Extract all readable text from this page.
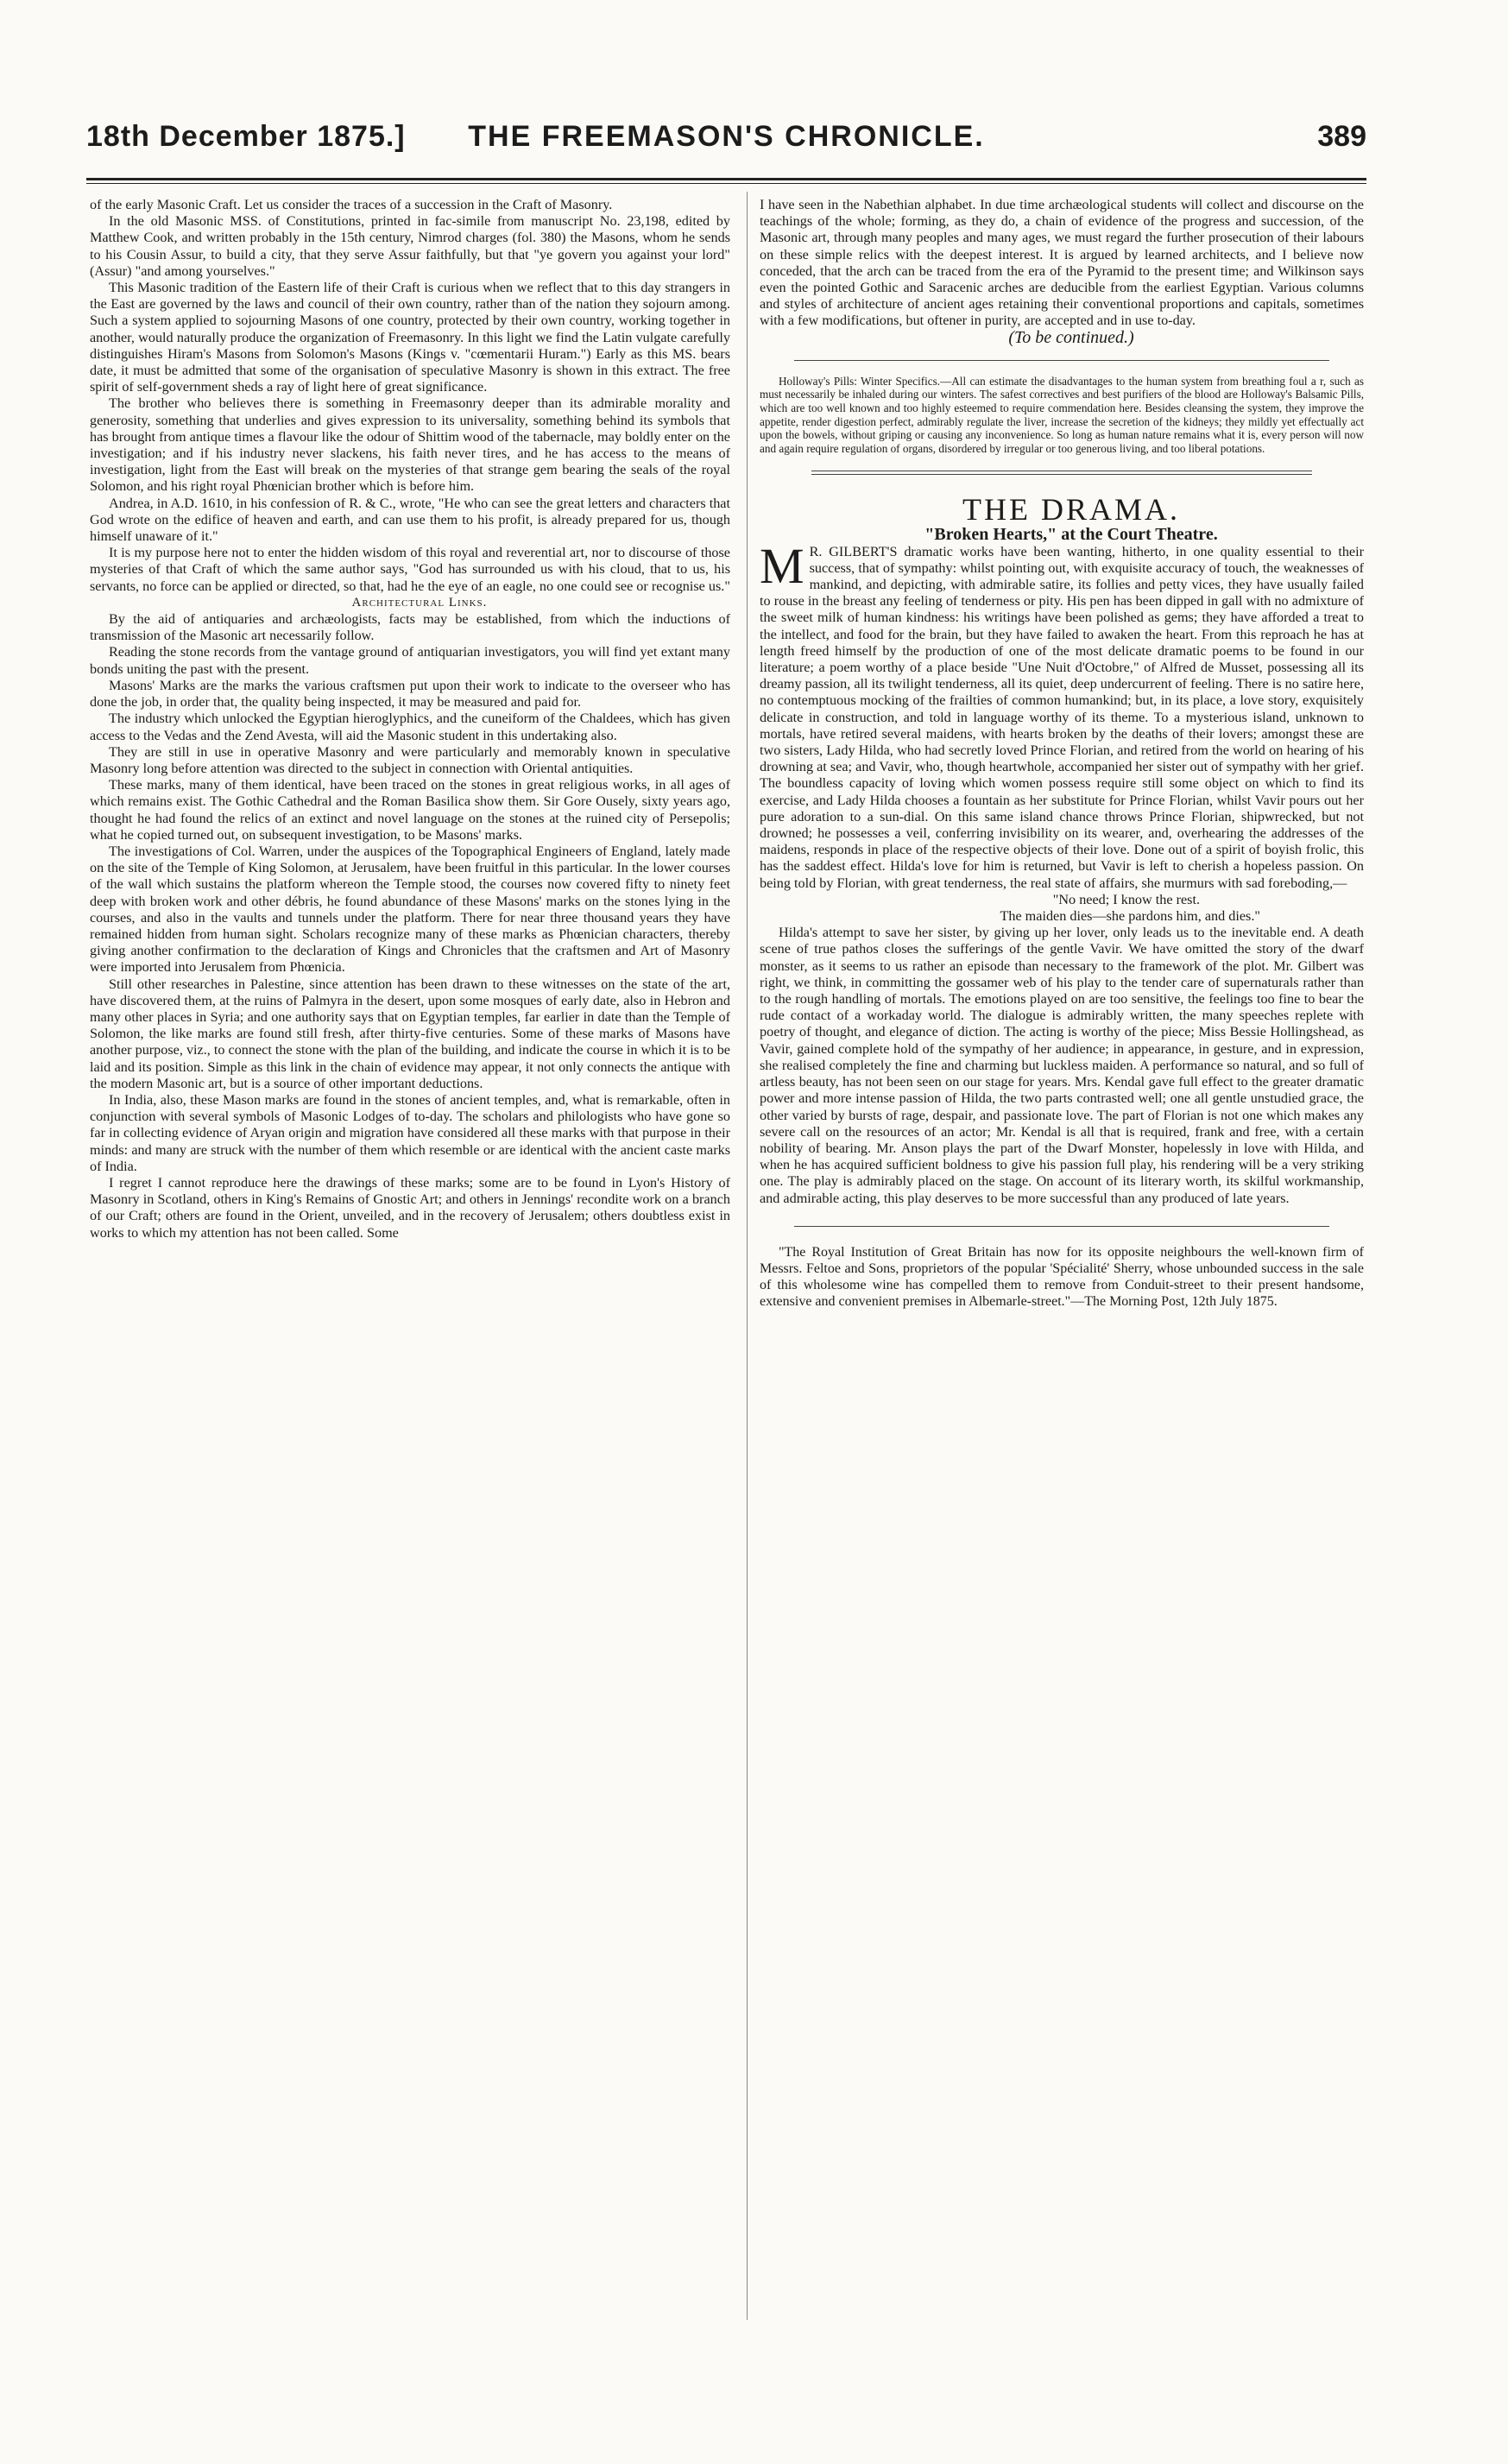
18th December 1875.]	THE FREEMASON'S CHRONICLE.	389

of the early Masonic Craft. Let us consider the traces of a succession in the Craft of Masonry.

In the old Masonic MSS. of Constitutions, printed in fac-simile from manuscript No. 23,198, edited by Matthew Cook, and written probably in the 15th century, Nimrod charges (fol. 380) the Masons, whom he sends to his Cousin Assur, to build a city, that they serve Assur faithfully, but that "ye govern you against your lord" (Assur) "and among yourselves."

This Masonic tradition of the Eastern life of their Craft is curious when we reflect that to this day strangers in the East are governed by the laws and council of their own country, rather than of the nation they sojourn among. Such a system applied to sojourning Masons of one country, protected by their own country, working together in another, would naturally produce the organization of Freemasonry. In this light we find the Latin vulgate carefully distinguishes Hiram's Masons from Solomon's Masons (Kings v. "cœmentarii Huram.") Early as this MS. bears date, it must be admitted that some of the organisation of speculative Masonry is shown in this extract. The free spirit of self-government sheds a ray of light here of great significance.

The brother who believes there is something in Freemasonry deeper than its admirable morality and generosity, something that underlies and gives expression to its universality, something behind its symbols that has brought from antique times a flavour like the odour of Shittim wood of the tabernacle, may boldly enter on the investigation; and if his industry never slackens, his faith never tires, and he has access to the means of investigation, light from the East will break on the mysteries of that strange gem bearing the seals of the royal Solomon, and his right royal Phœnician brother which is before him.

Andrea, in A.D. 1610, in his confession of R. & C., wrote, "He who can see the great letters and characters that God wrote on the edifice of heaven and earth, and can use them to his profit, is already prepared for us, though himself unaware of it."

It is my purpose here not to enter the hidden wisdom of this royal and reverential art, nor to discourse of those mysteries of that Craft of which the same author says, "God has surrounded us with his cloud, that to us, his servants, no force can be applied or directed, so that, had he the eye of an eagle, no one could see or recognise us."

Architectural Links.

By the aid of antiquaries and archæologists, facts may be established, from which the inductions of transmission of the Masonic art necessarily follow.

Reading the stone records from the vantage ground of antiquarian investigators, you will find yet extant many bonds uniting the past with the present.

Masons' Marks are the marks the various craftsmen put upon their work to indicate to the overseer who has done the job, in order that, the quality being inspected, it may be measured and paid for.

The industry which unlocked the Egyptian hieroglyphics, and the cuneiform of the Chaldees, which has given access to the Vedas and the Zend Avesta, will aid the Masonic student in this undertaking also.

They are still in use in operative Masonry and were particularly and memorably known in speculative Masonry long before attention was directed to the subject in connection with Oriental antiquities.

These marks, many of them identical, have been traced on the stones in great religious works, in all ages of which remains exist. The Gothic Cathedral and the Roman Basilica show them. Sir Gore Ousely, sixty years ago, thought he had found the relics of an extinct and novel language on the stones at the ruined city of Persepolis; what he copied turned out, on subsequent investigation, to be Masons' marks.

The investigations of Col. Warren, under the auspices of the Topographical Engineers of England, lately made on the site of the Temple of King Solomon, at Jerusalem, have been fruitful in this particular. In the lower courses of the wall which sustains the platform whereon the Temple stood, the courses now covered fifty to ninety feet deep with broken work and other débris, he found abundance of these Masons' marks on the stones lying in the courses, and also in the vaults and tunnels under the platform. There for near three thousand years they have remained hidden from human sight. Scholars recognize many of these marks as Phœnician characters, thereby giving another confirmation to the declaration of Kings and Chronicles that the craftsmen and Art of Masonry were imported into Jerusalem from Phœnicia.

Still other researches in Palestine, since attention has been drawn to these witnesses on the state of the art, have discovered them, at the ruins of Palmyra in the desert, upon some mosques of early date, also in Hebron and many other places in Syria; and one authority says that on Egyptian temples, far earlier in date than the Temple of Solomon, the like marks are found still fresh, after thirty-five centuries. Some of these marks of Masons have another purpose, viz., to connect the stone with the plan of the building, and indicate the course in which it is to be laid and its position. Simple as this link in the chain of evidence may appear, it not only connects the antique with the modern Masonic art, but is a source of other important deductions.

In India, also, these Mason marks are found in the stones of ancient temples, and, what is remarkable, often in conjunction with several symbols of Masonic Lodges of to-day. The scholars and philologists who have gone so far in collecting evidence of Aryan origin and migration have considered all these marks with that purpose in their minds: and many are struck with the number of them which resemble or are identical with the ancient caste marks of India.

I regret I cannot reproduce here the drawings of these marks; some are to be found in Lyon's History of Masonry in Scotland, others in King's Remains of Gnostic Art; and others in Jennings' recondite work on a branch of our Craft; others are found in the Orient, unveiled, and in the recovery of Jerusalem; others doubtless exist in works to which my attention has not been called. Some

I have seen in the Nabethian alphabet. In due time archæological students will collect and discourse on the teachings of the whole; forming, as they do, a chain of evidence of the progress and succession, of the Masonic art, through many peoples and many ages, we must regard the further prosecution of their labours on these simple relics with the deepest interest. It is argued by learned architects, and I believe now conceded, that the arch can be traced from the era of the Pyramid to the present time; and Wilkinson says even the pointed Gothic and Saracenic arches are deducible from the earliest Egyptian. Various columns and styles of architecture of ancient ages retaining their conventional proportions and capitals, sometimes with a few modifications, but oftener in purity, are accepted and in use to-day.

(To be continued.)

Holloway's Pills: Winter Specifics.—All can estimate the disadvantages to the human system from breathing foul a r, such as must necessarily be inhaled during our winters. The safest correctives and best purifiers of the blood are Holloway's Balsamic Pills, which are too well known and too highly esteemed to require commendation here. Besides cleansing the system, they improve the appetite, render digestion perfect, admirably regulate the liver, increase the secretion of the kidneys; they mildly yet effectually act upon the bowels, without griping or causing any inconvenience. So long as human nature remains what it is, every person will now and again require regulation of organs, disordered by irregular or too generous living, and too liberal potations.

THE DRAMA.

"Broken Hearts," at the Court Theatre.

M R. GILBERT'S dramatic works have been wanting, hitherto, in one quality essential to their success, that of sympathy: whilst pointing out, with exquisite accuracy of touch, the weaknesses of mankind, and depicting, with admirable satire, its follies and petty vices, they have usually failed to rouse in the breast any feeling of tenderness or pity. His pen has been dipped in gall with no admixture of the sweet milk of human kindness: his writings have been polished as gems; they have afforded a treat to the intellect, and food for the brain, but they have failed to awaken the heart. From this reproach he has at length freed himself by the production of one of the most delicate dramatic poems to be found in our literature; a poem worthy of a place beside "Une Nuit d'Octobre," of Alfred de Musset, possessing all its dreamy passion, all its twilight tenderness, all its quiet, deep undercurrent of feeling. There is no satire here, no contemptuous mocking of the frailties of common humankind; but, in its place, a love story, exquisitely delicate in construction, and told in language worthy of its theme. To a mysterious island, unknown to mortals, have retired several maidens, with hearts broken by the deaths of their lovers; amongst these are two sisters, Lady Hilda, who had secretly loved Prince Florian, and retired from the world on hearing of his drowning at sea; and Vavir, who, though heartwhole, accompanied her sister out of sympathy with her grief. The boundless capacity of loving which women possess require still some object on which to find its exercise, and Lady Hilda chooses a fountain as her substitute for Prince Florian, whilst Vavir pours out her pure adoration to a sun-dial. On this same island chance throws Prince Florian, shipwrecked, but not drowned; he possesses a veil, conferring invisibility on its wearer, and, overhearing the addresses of the maidens, responds in place of the respective objects of their love. Done out of a spirit of boyish frolic, this has the saddest effect. Hilda's love for him is returned, but Vavir is left to cherish a hopeless passion. On being told by Florian, with great tenderness, the real state of affairs, she murmurs with sad foreboding,—

"No need; I know the rest.

The maiden dies—she pardons him, and dies."

Hilda's attempt to save her sister, by giving up her lover, only leads us to the inevitable end. A death scene of true pathos closes the sufferings of the gentle Vavir. We have omitted the story of the dwarf monster, as it seems to us rather an episode than necessary to the framework of the plot. Mr. Gilbert was right, we think, in committing the gossamer web of his play to the tender care of supernaturals rather than to the rough handling of mortals. The emotions played on are too sensitive, the feelings too fine to bear the rude contact of a workaday world. The dialogue is admirably written, the many speeches replete with poetry of thought, and elegance of diction. The acting is worthy of the piece; Miss Bessie Hollingshead, as Vavir, gained complete hold of the sympathy of her audience; in appearance, in gesture, and in expression, she realised completely the fine and charming but luckless maiden. A performance so natural, and so full of artless beauty, has not been seen on our stage for years. Mrs. Kendal gave full effect to the greater dramatic power and more intense passion of Hilda, the two parts contrasted well; one all gentle unstudied grace, the other varied by bursts of rage, despair, and passionate love. The part of Florian is not one which makes any severe call on the resources of an actor; Mr. Kendal is all that is required, frank and free, with a certain nobility of bearing. Mr. Anson plays the part of the Dwarf Monster, hopelessly in love with Hilda, and when he has acquired sufficient boldness to give his passion full play, his rendering will be a very striking one. The play is admirably placed on the stage. On account of its literary worth, its skilful workmanship, and admirable acting, this play deserves to be more successful than any produced of late years.

"The Royal Institution of Great Britain has now for its opposite neighbours the well-known firm of Messrs. Feltoe and Sons, proprietors of the popular 'Spécialité' Sherry, whose unbounded success in the sale of this wholesome wine has compelled them to remove from Conduit-street to their present handsome, extensive and convenient premises in Albemarle-street."—The Morning Post, 12th July 1875.
